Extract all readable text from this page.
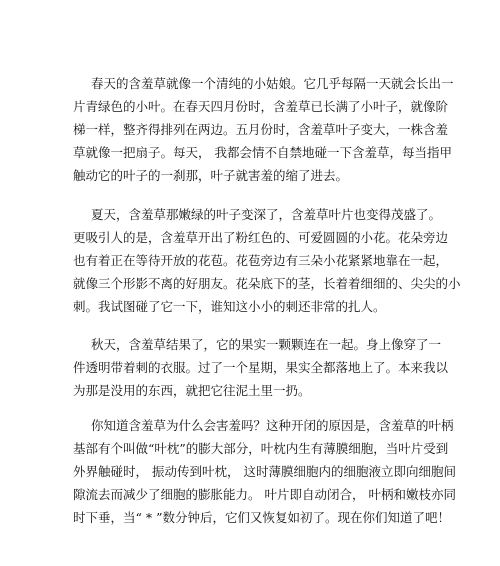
春天的含羞草就像一个清纯的小姑娘。它几乎每隔一天就会长出一
片青绿色的小叶。在春天四月份时，含羞草已长满了小叶子，就像阶
梯一样，整齐得排列在两边。五月份时，含羞草叶子变大，一株含羞
草就像一把扇子。每天， 我都会情不自禁地碰一下含羞草，每当指甲
触动它的叶子的一刹那，叶子就害羞的缩了进去。

夏天，含羞草那嫩绿的叶子变深了，含羞草叶片也变得茂盛了。
更吸引人的是，含羞草开出了粉红色的、可爱圆圆的小花。花朵旁边
也有着正在等待开放的花苞。花苞旁边有三朵小花紧紧地靠在一起，
就像三个形影不离的好朋友。花朵底下的茎，长着着细细的、尖尖的小
刺。我试图碰了它一下，谁知这小小的刺还非常的扎人。

秋天，含羞草结果了，它的果实一颗颗连在一起。身上像穿了一
件透明带着刺的衣服。过了一个星期，果实全都落地上了。本来我以
为那是没用的东西，就把它往泥土里一扔。

你知道含羞草为什么会害羞吗？这种开闭的原因是，含羞草的叶柄
基部有个叫做“叶枕”的膨大部分，叶枕内生有薄膜细胞，当叶片受到
外界触碰时， 振动传到叶枕， 这时薄膜细胞内的细胞液立即向细胞间
隙流去而减少了细胞的膨胀能力。 叶片即自动闭合， 叶柄和嫩枝亦同
时下垂，当“ * ”数分钟后，它们又恢复如初了。现在你们知道了吧！
